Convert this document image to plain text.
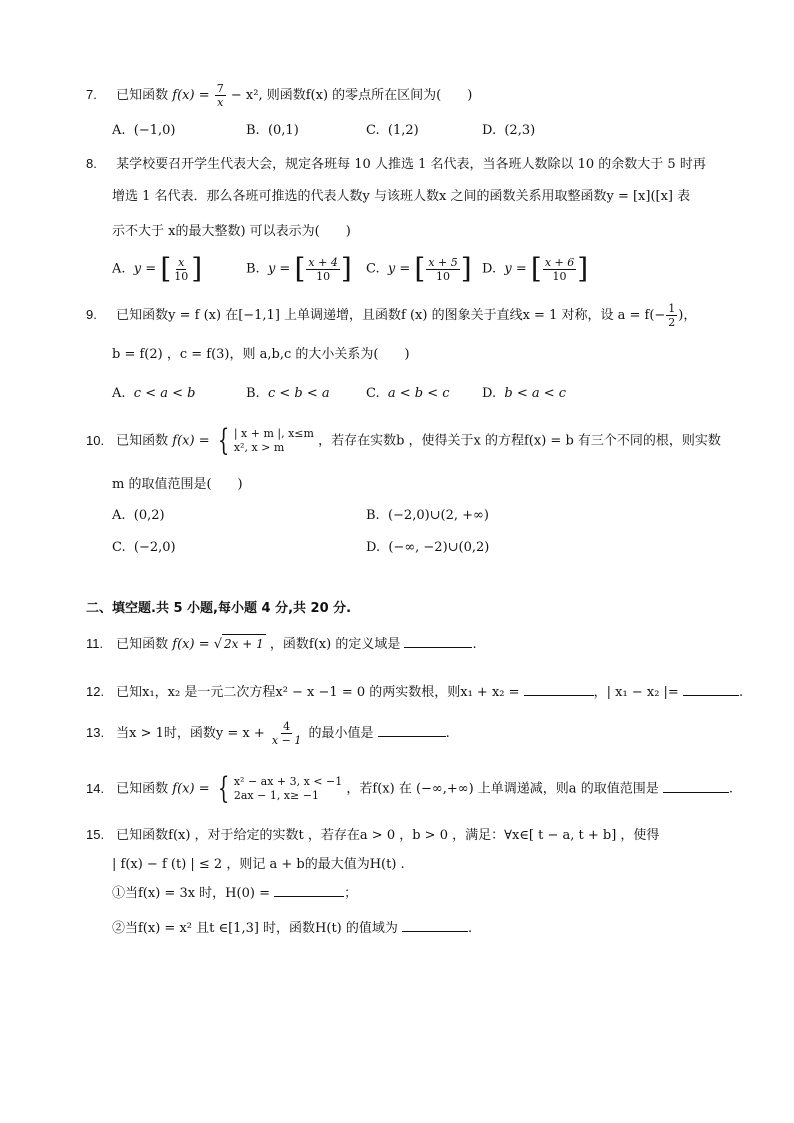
7. 已知函数 $f(x) = \frac{7}{x} - x^2$, 则函数f(x) 的零点所在区间为(　　)
A. (−1,0)	B. (0,1)	C. (1,2)	D. (2,3)
8. 某学校要召开学生代表大会，规定各班每 10 人推选 1 名代表，当各班人数除以 10 的余数大于 5 时再
增选 1 名代表．那么各班可推选的代表人数y 与该班人数x 之间的函数关系用取整函数y = [x]([x] 表
示不大于 x的最大整数) 可以表示为(　　)
A. y = [ $\frac{x}{10}$ ]	B. y = [ $\frac{x + 4}{10}$ ] C. y = [ $\frac{x + 5}{10}$ ] D. y = [ $\frac{x + 6}{10}$ ]
9. 已知函数y = f (x) 在[−1,1] 上单调递增，且函数f (x) 的图象关于直线x = 1 对称，设 $a = f(- \frac{1}{2}$ )，
b = f(2) ，c = f(3)，则 a,b,c 的大小关系为(　　)
A. c < a < b	B. c < b < a	C. a < b < c D. b < a < c
10. 已知函数 f(x) = { | x + m |, x≤m
x², x > m	，若存在实数b ，使得关于x 的方程f(x) = b 有三个不同的根，则实数
m 的取值范围是(　　)
A. (0,2)	B. (−2,0)∪(2, +∞)
C. (−2,0)	D. (−∞, −2)∪(0,2)
二、填空题.共 5 小题,每小题 4 分,共 20 分.
11. 已知函数 f(x) = √ 2x + 1 ，函数f(x) 的定义域是	.
12. 已知x₁，x₂ 是一元二次方程x² − x −1 = 0 的两实数根，则x₁ + x₂ =	，| x₁ − x₂ |=	.
13. 当x > 1时，函数$y = x + \frac{4}{x - 1}$ 的最小值是	.
14. 已知函数 f(x) = { x² − ax + 3, x < −1
2ax − 1, x≥ −1	，若f(x) 在 (−∞,+∞) 上单调递减，则a 的取值范围是	.
15. 已知函数f(x) ，对于给定的实数t ，若存在a > 0 ，b > 0 ，满足：∀x∈[ t − a, t + b] ，使得
| f(x) − f (t) | ≤ 2 ，则记 a + b的最大值为H(t) .
①当f(x) = 3x 时，H(0) =	；
②当f(x) = x² 且t ∈[1,3] 时，函数H(t) 的值域为	.
